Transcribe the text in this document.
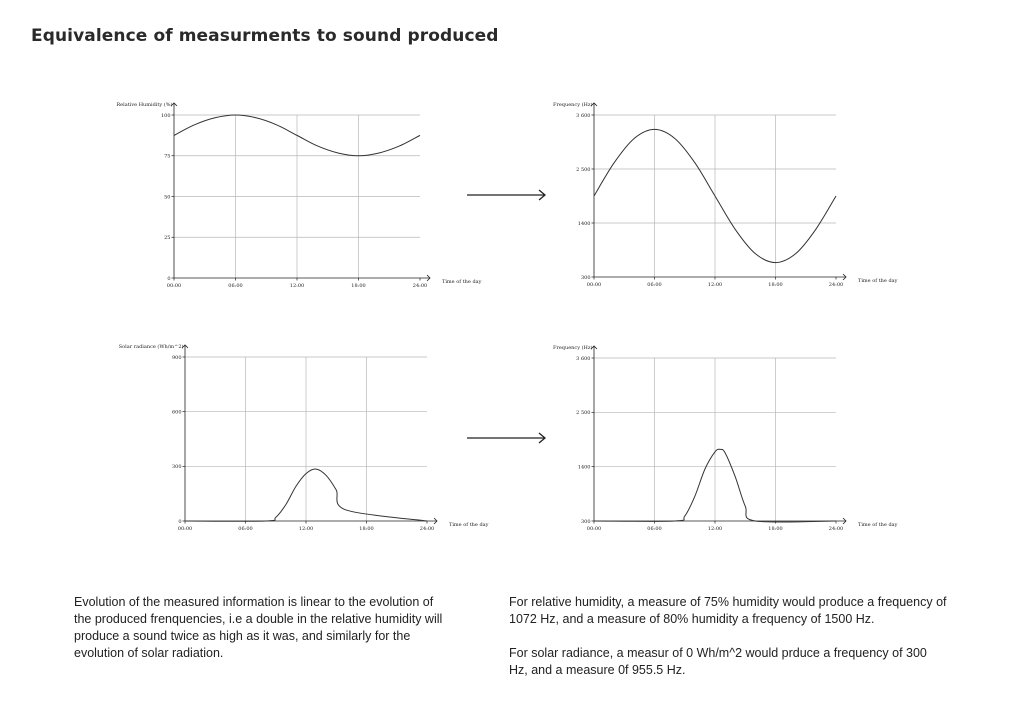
Equivalence of measurments to sound produced
0
25
50
75
100
00:00	06:00	12:00	18:00	24:00
Relative Humidity (%)
Time of the day
300
1400
2 500
3 600
00:00	06:00	12:00	18:00	24:00
Frequency (Hz)
Time of the day
0
300
600
900
00:00	06:00	12:00	18:00	24:00
Solar radiance (Wh/m^2)
Time of the day
300
1400
2 500
3 600
00:00	06:00	12:00	18:00	24:00
Frequency (Hz)
Time of the day
Evolution of the measured information is linear to the evolution of the produced frenquencies, i.e a double in the relative humidity will produce a sound twice as high as it was, and similarly for the evolution of solar radiation.

For relative humidity, a measure of 75% humidity would produce a frequency of 1072 Hz, and a measure of 80% humidity a frequency of 1500 Hz.

For solar radiance, a measur of 0 Wh/m^2 would prduce a frequency of 300 Hz, and a measure 0f 955.5 Hz.
